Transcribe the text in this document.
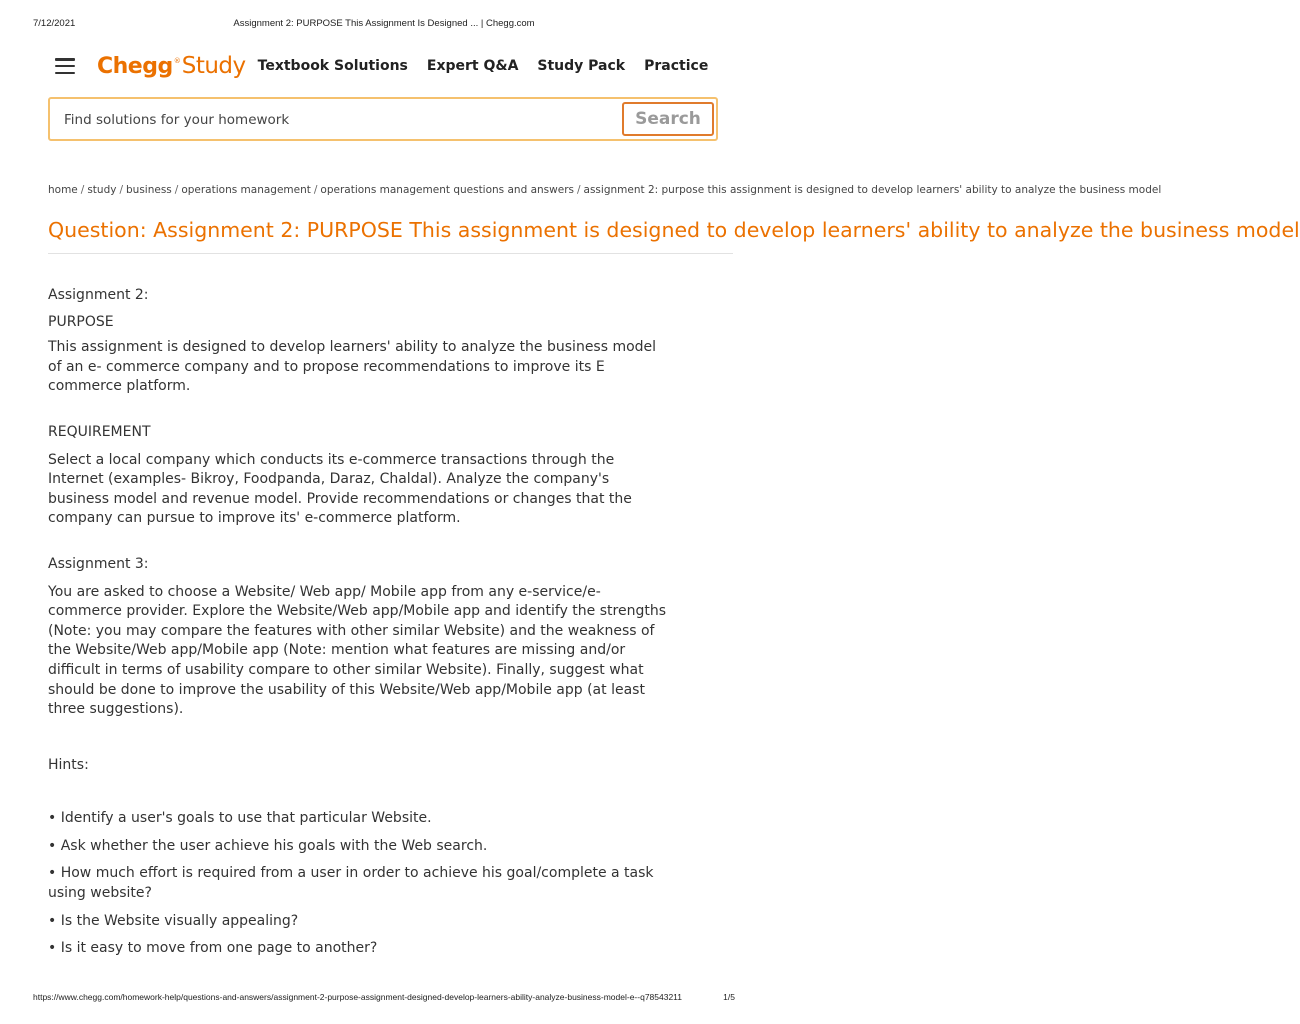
7/12/2021	Assignment 2: PURPOSE This Assignment Is Designed ... | Chegg.com
Chegg ® Study Textbook Solutions Expert Q&A Study Pack Practice
Find solutions for your homework
Search
home / study / business / operations management / operations management questions and answers / assignment 2: purpose this assignment is designed to develop learners' ability to analyze the business model
Question: Assignment 2: PURPOSE This assignment is designed to develop learners' ability to analyze the business model

Assignment 2:

PURPOSE

This assignment is designed to develop learners' ability to analyze the business model of an e- commerce company and to propose recommendations to improve its E commerce platform.

REQUIREMENT

Select a local company which conducts its e-commerce transactions through the Internet (examples- Bikroy, Foodpanda, Daraz, Chaldal). Analyze the company's business model and revenue model. Provide recommendations or changes that the company can pursue to improve its' e-commerce platform.

Assignment 3:

You are asked to choose a Website/ Web app/ Mobile app from any e-service/e-commerce provider. Explore the Website/Web app/Mobile app and identify the strengths (Note: you may compare the features with other similar Website) and the weakness of the Website/Web app/Mobile app (Note: mention what features are missing and/or difficult in terms of usability compare to other similar Website). Finally, suggest what should be done to improve the usability of this Website/Web app/Mobile app (at least three suggestions).

Hints:

• Identify a user's goals to use that particular Website.

• Ask whether the user achieve his goals with the Web search.

• How much effort is required from a user in order to achieve his goal/complete a task using website?

• Is the Website visually appealing?

• Is it easy to move from one page to another?

https://www.chegg.com/homework-help/questions-and-answers/assignment-2-purpose-assignment-designed-develop-learners-ability-analyze-business-model-e--q78543211	1/5
